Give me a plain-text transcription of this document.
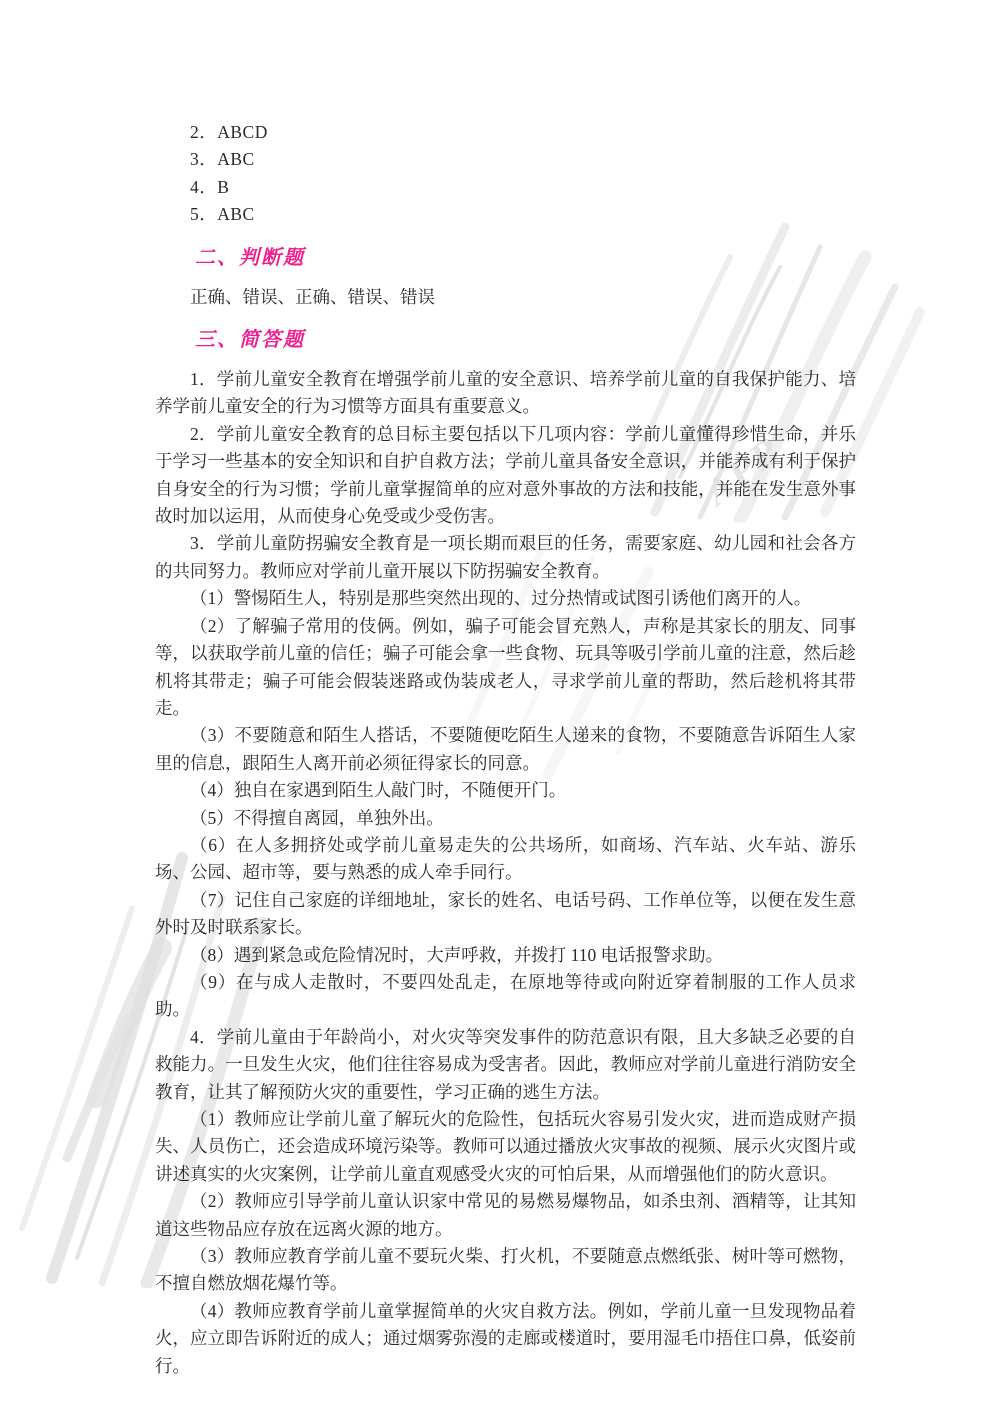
APP

2．ABCD

3．ABC

4．B

5．ABC

二、判断题

正确、错误、正确、错误、错误

三、简答题

1．学前儿童安全教育在增强学前儿童的安全意识、培养学前儿童的自我保护能力、培养学前儿童安全的行为习惯等方面具有重要意义。

2．学前儿童安全教育的总目标主要包括以下几项内容：学前儿童懂得珍惜生命，并乐于学习一些基本的安全知识和自护自救方法；学前儿童具备安全意识，并能养成有利于保护自身安全的行为习惯；学前儿童掌握简单的应对意外事故的方法和技能，并能在发生意外事故时加以运用，从而使身心免受或少受伤害。

3．学前儿童防拐骗安全教育是一项长期而艰巨的任务，需要家庭、幼儿园和社会各方的共同努力。教师应对学前儿童开展以下防拐骗安全教育。

（1）警惕陌生人，特别是那些突然出现的、过分热情或试图引诱他们离开的人。

（2）了解骗子常用的伎俩。例如，骗子可能会冒充熟人，声称是其家长的朋友、同事等，以获取学前儿童的信任；骗子可能会拿一些食物、玩具等吸引学前儿童的注意，然后趁机将其带走；骗子可能会假装迷路或伪装成老人，寻求学前儿童的帮助，然后趁机将其带走。

（3）不要随意和陌生人搭话，不要随便吃陌生人递来的食物，不要随意告诉陌生人家里的信息，跟陌生人离开前必须征得家长的同意。

（4）独自在家遇到陌生人敲门时，不随便开门。

（5）不得擅自离园，单独外出。

（6）在人多拥挤处或学前儿童易走失的公共场所，如商场、汽车站、火车站、游乐场、公园、超市等，要与熟悉的成人牵手同行。

（7）记住自己家庭的详细地址，家长的姓名、电话号码、工作单位等，以便在发生意外时及时联系家长。

（8）遇到紧急或危险情况时，大声呼救，并拨打 110 电话报警求助。

（9）在与成人走散时，不要四处乱走，在原地等待或向附近穿着制服的工作人员求助。

4．学前儿童由于年龄尚小，对火灾等突发事件的防范意识有限，且大多缺乏必要的自救能力。一旦发生火灾，他们往往容易成为受害者。因此，教师应对学前儿童进行消防安全教育，让其了解预防火灾的重要性，学习正确的逃生方法。

（1）教师应让学前儿童了解玩火的危险性，包括玩火容易引发火灾，进而造成财产损失、人员伤亡，还会造成环境污染等。教师可以通过播放火灾事故的视频、展示火灾图片或讲述真实的火灾案例，让学前儿童直观感受火灾的可怕后果，从而增强他们的防火意识。

（2）教师应引导学前儿童认识家中常见的易燃易爆物品，如杀虫剂、酒精等，让其知道这些物品应存放在远离火源的地方。

（3）教师应教育学前儿童不要玩火柴、打火机，不要随意点燃纸张、树叶等可燃物，不擅自燃放烟花爆竹等。

（4）教师应教育学前儿童掌握简单的火灾自救方法。例如，学前儿童一旦发现物品着火，应立即告诉附近的成人；通过烟雾弥漫的走廊或楼道时，要用湿毛巾捂住口鼻，低姿前行。
